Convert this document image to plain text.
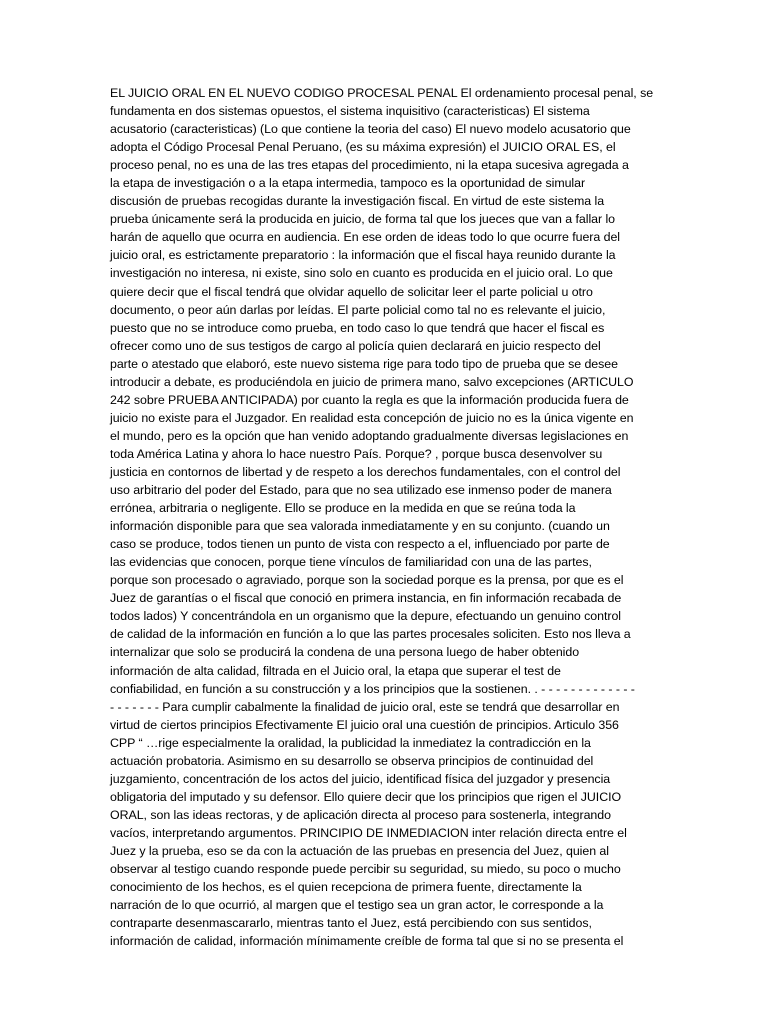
EL JUICIO ORAL EN EL NUEVO CODIGO PROCESAL PENAL El ordenamiento procesal penal, se
fundamenta en dos sistemas opuestos, el sistema inquisitivo (caracteristicas) El sistema
acusatorio (caracteristicas) (Lo que contiene la teoria del caso) El nuevo modelo acusatorio que
adopta el Código Procesal Penal Peruano, (es su máxima expresión) el JUICIO ORAL ES, el
proceso penal, no es una de las tres etapas del procedimiento, ni la etapa sucesiva agregada a
la etapa de investigación o a la etapa intermedia, tampoco es la oportunidad de simular
discusión de pruebas recogidas durante la investigación fiscal. En virtud de este sistema la
prueba únicamente será la producida en juicio, de forma tal que los jueces que van a fallar lo
harán de aquello que ocurra en audiencia. En ese orden de ideas todo lo que ocurre fuera del
juicio oral, es estrictamente preparatorio : la información que el fiscal haya reunido durante la
investigación no interesa, ni existe, sino solo en cuanto es producida en el juicio oral. Lo que
quiere decir que el fiscal tendrá que olvidar aquello de solicitar leer el parte policial u otro
documento, o peor aún darlas por leídas. El parte policial como tal no es relevante el juicio,
puesto que no se introduce como prueba, en todo caso lo que tendrá que hacer el fiscal es
ofrecer como uno de sus testigos de cargo al policía quien declarará en juicio respecto del
parte o atestado que elaboró, este nuevo sistema rige para todo tipo de prueba que se desee
introducir a debate, es produciéndola en juicio de primera mano, salvo excepciones (ARTICULO
242 sobre PRUEBA ANTICIPADA) por cuanto la regla es que la información producida fuera de
juicio no existe para el Juzgador. En realidad esta concepción de juicio no es la única vigente en
el mundo, pero es la opción que han venido adoptando gradualmente diversas legislaciones en
toda América Latina y ahora lo hace nuestro País. Porque? , porque busca desenvolver su
justicia en contornos de libertad y de respeto a los derechos fundamentales, con el control del
uso arbitrario del poder del Estado, para que no sea utilizado ese inmenso poder de manera
errónea, arbitraria o negligente. Ello se produce en la medida en que se reúna toda la
información disponible para que sea valorada inmediatamente y en su conjunto. (cuando un
caso se produce, todos tienen un punto de vista con respecto a el, influenciado por parte de
las evidencias que conocen, porque tiene vínculos de familiaridad con una de las partes,
porque son procesado o agraviado, porque son la sociedad porque es la prensa, por que es el
Juez de garantías o el fiscal que conoció en primera instancia, en fin información recabada de
todos lados) Y concentrándola en un organismo que la depure, efectuando un genuino control
de calidad de la información en función a lo que las partes procesales soliciten. Esto nos lleva a
internalizar que solo se producirá la condena de una persona luego de haber obtenido
información de alta calidad, filtrada en el Juicio oral, la etapa que superar el test de
confiabilidad, en función a su construcción y a los principios que la sostienen. . - - - - - - - - - - - - -
- - - - - - - Para cumplir cabalmente la finalidad de juicio oral, este se tendrá que desarrollar en
virtud de ciertos principios Efectivamente El juicio oral una cuestión de principios. Articulo 356
CPP “ …rige especialmente la oralidad, la publicidad la inmediatez la contradicción en la
actuación probatoria. Asimismo en su desarrollo se observa principios de continuidad del
juzgamiento, concentración de los actos del juicio, identificad física del juzgador y presencia
obligatoria del imputado y su defensor. Ello quiere decir que los principios que rigen el JUICIO
ORAL, son las ideas rectoras, y de aplicación directa al proceso para sostenerla, integrando
vacíos, interpretando argumentos. PRINCIPIO DE INMEDIACION inter relación directa entre el
Juez y la prueba, eso se da con la actuación de las pruebas en presencia del Juez, quien al
observar al testigo cuando responde puede percibir su seguridad, su miedo, su poco o mucho
conocimiento de los hechos, es el quien recepciona de primera fuente, directamente la
narración de lo que ocurrió, al margen que el testigo sea un gran actor, le corresponde a la
contraparte desenmascararlo, mientras tanto el Juez, está percibiendo con sus sentidos,
información de calidad, información mínimamente creíble de forma tal que si no se presenta el
